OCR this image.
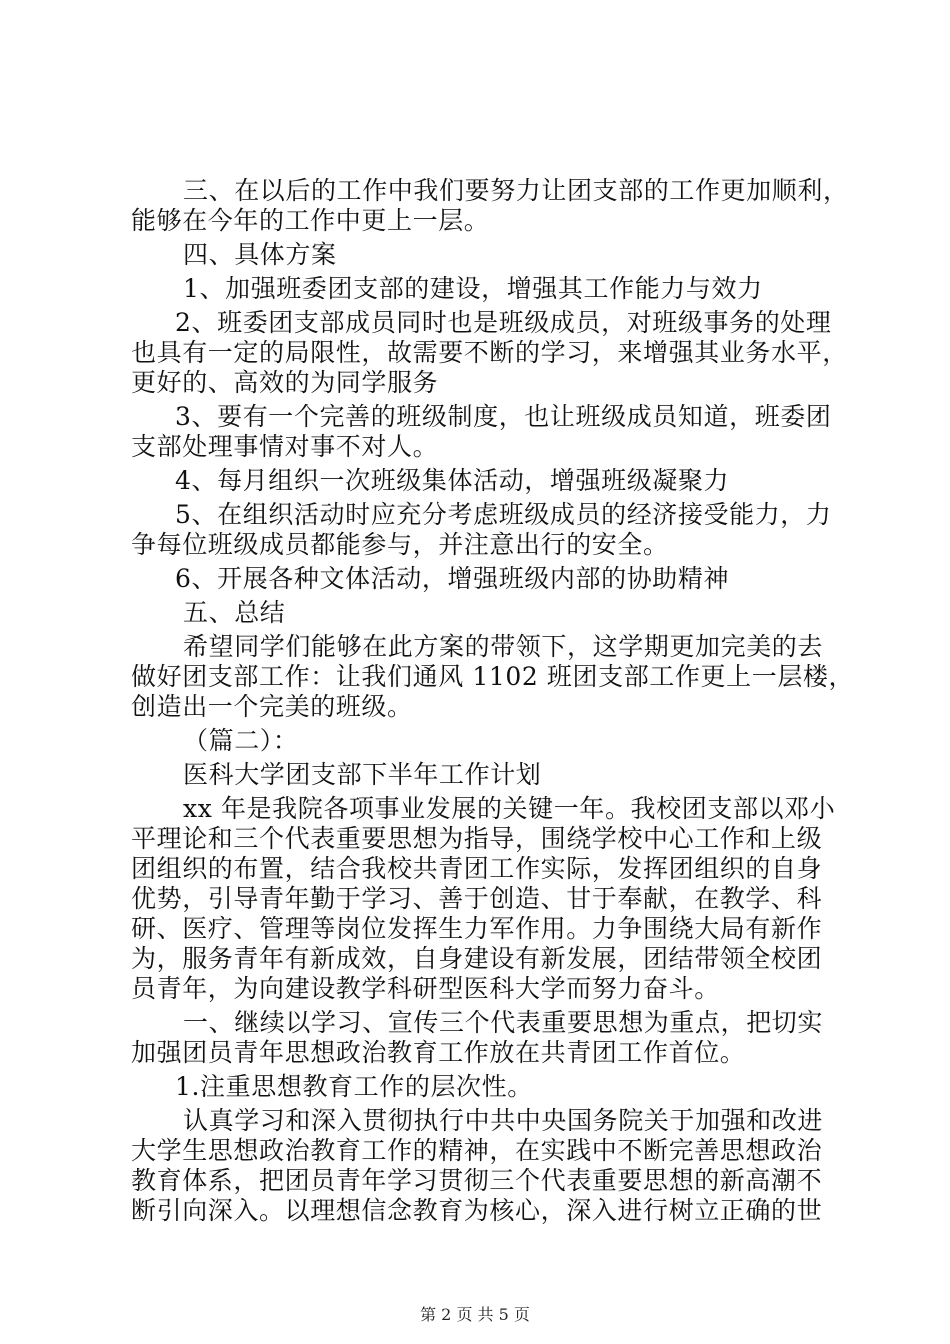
三、在以后的工作中我们要努力让团支部的工作更加顺利，
能够在今年的工作中更上一层。
四、具体方案
1、加强班委团支部的建设，增强其工作能力与效力
2、班委团支部成员同时也是班级成员，对班级事务的处理
也具有一定的局限性，故需要不断的学习，来增强其业务水平，
更好的、高效的为同学服务
3、要有一个完善的班级制度，也让班级成员知道，班委团
支部处理事情对事不对人。
4、每月组织一次班级集体活动，增强班级凝聚力
5、在组织活动时应充分考虑班级成员的经济接受能力，力
争每位班级成员都能参与，并注意出行的安全。
6、开展各种文体活动，增强班级内部的协助精神
五、总结
希望同学们能够在此方案的带领下，这学期更加完美的去
做好团支部工作：让我们通风 1102 班团支部工作更上一层楼，
创造出一个完美的班级。
（篇二）：
医科大学团支部下半年工作计划
xx 年是我院各项事业发展的关键一年。我校团支部以邓小
平理论和三个代表重要思想为指导，围绕学校中心工作和上级
团组织的布置，结合我校共青团工作实际，发挥团组织的自身
优势，引导青年勤于学习、善于创造、甘于奉献，在教学、科
研、医疗、管理等岗位发挥生力军作用。力争围绕大局有新作
为，服务青年有新成效，自身建设有新发展，团结带领全校团
员青年，为向建设教学科研型医科大学而努力奋斗。
一、继续以学习、宣传三个代表重要思想为重点，把切实
加强团员青年思想政治教育工作放在共青团工作首位。
1.注重思想教育工作的层次性。
认真学习和深入贯彻执行中共中央国务院关于加强和改进
大学生思想政治教育工作的精神，在实践中不断完善思想政治
教育体系，把团员青年学习贯彻三个代表重要思想的新高潮不
断引向深入。以理想信念教育为核心，深入进行树立正确的世
第 2 页 共 5 页
